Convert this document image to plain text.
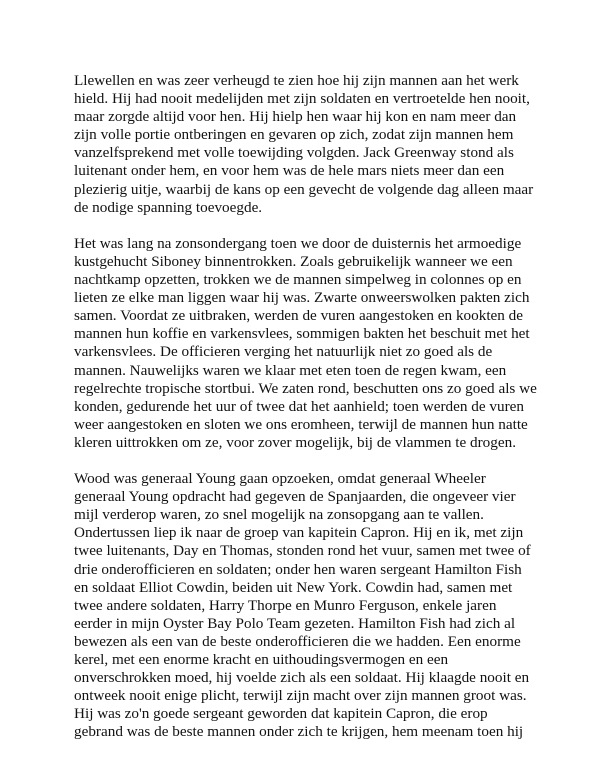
Llewellen en was zeer verheugd te zien hoe hij zijn mannen aan het werk
hield. Hij had nooit medelijden met zijn soldaten en vertroetelde hen nooit,
maar zorgde altijd voor hen. Hij hielp hen waar hij kon en nam meer dan
zijn volle portie ontberingen en gevaren op zich, zodat zijn mannen hem
vanzelfsprekend met volle toewijding volgden. Jack Greenway stond als
luitenant onder hem, en voor hem was de hele mars niets meer dan een
plezierig uitje, waarbij de kans op een gevecht de volgende dag alleen maar
de nodige spanning toevoegde.
Het was lang na zonsondergang toen we door de duisternis het armoedige
kustgehucht Siboney binnentrokken. Zoals gebruikelijk wanneer we een
nachtkamp opzetten, trokken we de mannen simpelweg in colonnes op en
lieten ze elke man liggen waar hij was. Zwarte onweerswolken pakten zich
samen. Voordat ze uitbraken, werden de vuren aangestoken en kookten de
mannen hun koffie en varkensvlees, sommigen bakten het beschuit met het
varkensvlees. De officieren verging het natuurlijk niet zo goed als de
mannen. Nauwelijks waren we klaar met eten toen de regen kwam, een
regelrechte tropische stortbui. We zaten rond, beschutten ons zo goed als we
konden, gedurende het uur of twee dat het aanhield; toen werden de vuren
weer aangestoken en sloten we ons eromheen, terwijl de mannen hun natte
kleren uittrokken om ze, voor zover mogelijk, bij de vlammen te drogen.
Wood was generaal Young gaan opzoeken, omdat generaal Wheeler
generaal Young opdracht had gegeven de Spanjaarden, die ongeveer vier
mijl verderop waren, zo snel mogelijk na zonsopgang aan te vallen.
Ondertussen liep ik naar de groep van kapitein Capron. Hij en ik, met zijn
twee luitenants, Day en Thomas, stonden rond het vuur, samen met twee of
drie onderofficieren en soldaten; onder hen waren sergeant Hamilton Fish
en soldaat Elliot Cowdin, beiden uit New York. Cowdin had, samen met
twee andere soldaten, Harry Thorpe en Munro Ferguson, enkele jaren
eerder in mijn Oyster Bay Polo Team gezeten. Hamilton Fish had zich al
bewezen als een van de beste onderofficieren die we hadden. Een enorme
kerel, met een enorme kracht en uithoudingsvermogen en een
onverschrokken moed, hij voelde zich als een soldaat. Hij klaagde nooit en
ontweek nooit enige plicht, terwijl zijn macht over zijn mannen groot was.
Hij was zo'n goede sergeant geworden dat kapitein Capron, die erop
gebrand was de beste mannen onder zich te krijgen, hem meenam toen hij
